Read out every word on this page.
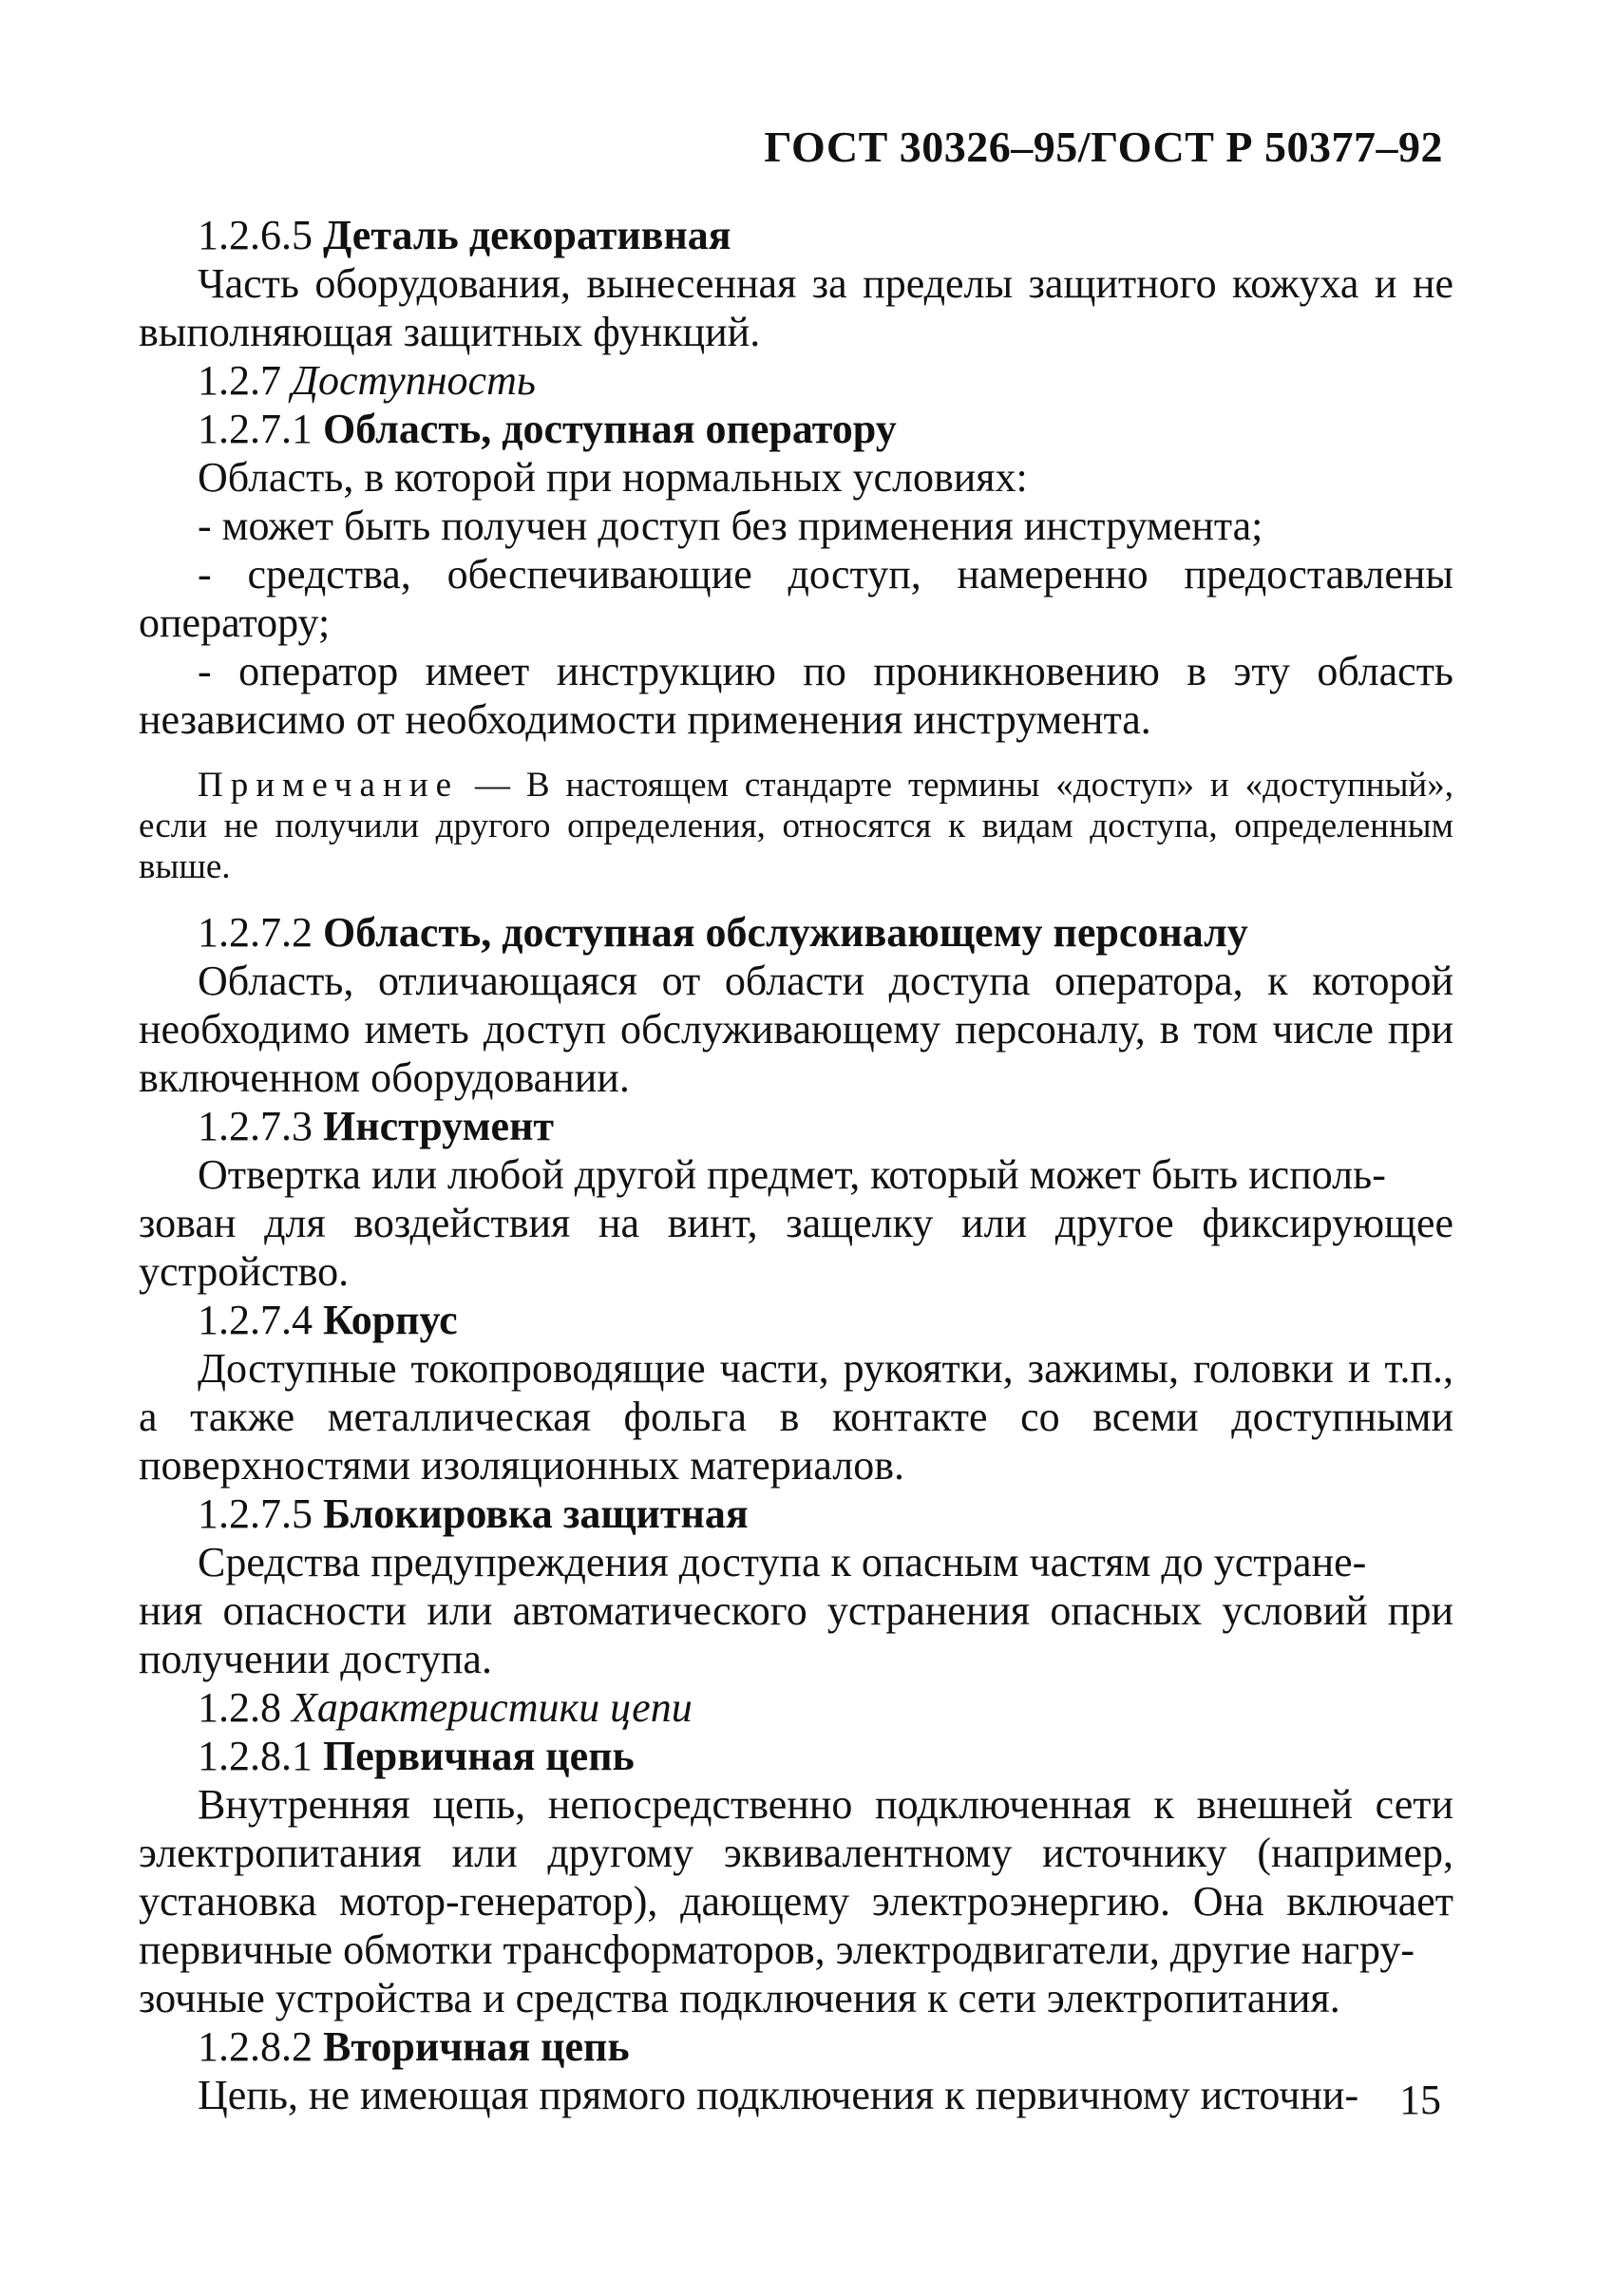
ГОСТ 30326–95/ГОСТ Р 50377–92

1.2.6.5 Деталь декоративная

Часть оборудования, вынесенная за пределы защитного кожуха и не выполняющая защитных функций.

1.2.7 Доступность

1.2.7.1 Область, доступная оператору

Область, в которой при нормальных условиях:

- может быть получен доступ без применения инструмента;

- средства, обеспечивающие доступ, намеренно предоставлены оператору;

- оператор имеет инструкцию по проникновению в эту область независимо от необходимости применения инструмента.

Примечание — В настоящем стандарте термины «доступ» и «доступный», если не получили другого определения, относятся к видам доступа, определенным выше.

1.2.7.2 Область, доступная обслуживающему персоналу

Область, отличающаяся от области доступа оператора, к которой необходимо иметь доступ обслуживающему персоналу, в том числе при включенном оборудовании.

1.2.7.3 Инструмент

Отвертка или любой другой предмет, который может быть исполь-
зован для воздействия на винт, защелку или другое фиксирующее устройство.

1.2.7.4 Корпус

Доступные токопроводящие части, рукоятки, зажимы, головки и т.п., а также металлическая фольга в контакте со всеми доступными поверхностями изоляционных материалов.

1.2.7.5 Блокировка защитная

Средства предупреждения доступа к опасным частям до устране-
ния опасности или автоматического устранения опасных условий при получении доступа.

1.2.8 Характеристики цепи

1.2.8.1 Первичная цепь

Внутренняя цепь, непосредственно подключенная к внешней сети электропитания или другому эквивалентному источнику (например, установка мотор-генератор), дающему электроэнергию. Она включает первичные обмотки трансформаторов, электродвигатели, другие нагру-
зочные устройства и средства подключения к сети электропитания.

1.2.8.2 Вторичная цепь

Цепь, не имеющая прямого подключения к первичному источни- 15
